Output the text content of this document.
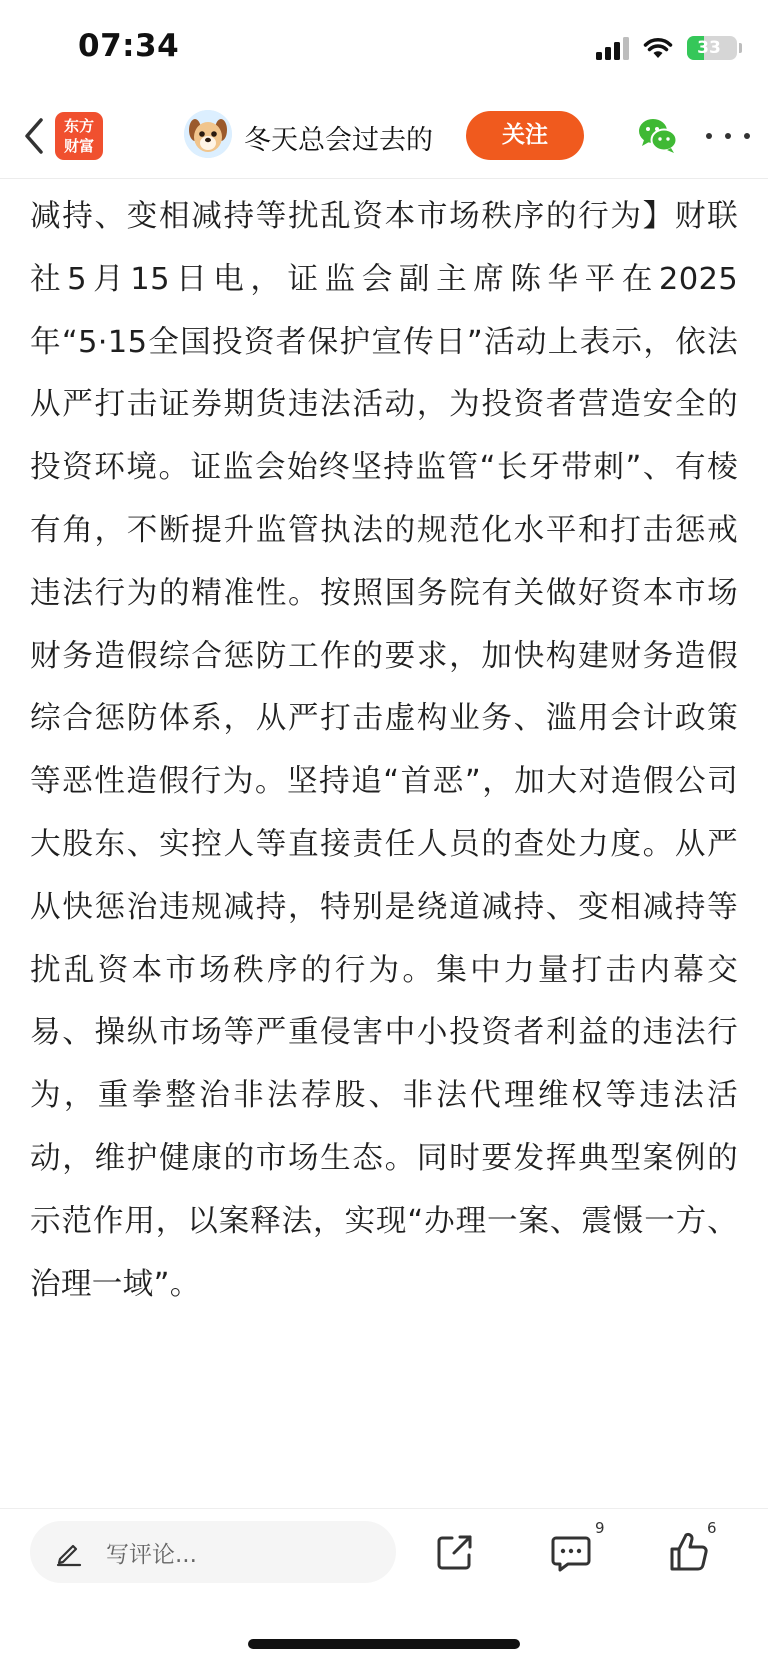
07:34	33
东方
财富	冬天总会过去的	关注

减持、变相减持等扰乱资本市场秩序的行为】财联社5月15日电，证监会副主席陈华平在2025年“5·15全国投资者保护宣传日”活动上表示，依法从严打击证券期货违法活动，为投资者营造安全的投资环境。证监会始终坚持监管“长牙带刺”、有棱有角，不断提升监管执法的规范化水平和打击惩戒违法行为的精准性。按照国务院有关做好资本市场财务造假综合惩防工作的要求，加快构建财务造假综合惩防体系，从严打击虚构业务、滥用会计政策等恶性造假行为。坚持追“首恶”，加大对造假公司大股东、实控人等直接责任人员的查处力度。从严从快惩治违规减持，特别是绕道减持、变相减持等扰乱资本市场秩序的行为。集中力量打击内幕交易、操纵市场等严重侵害中小投资者利益的违法行为，重拳整治非法荐股、非法代理维权等违法活动，维护健康的市场生态。同时要发挥典型案例的示范作用，以案释法，实现“办理一案、震慑一方、治理一域”。

写评论...
9	6
